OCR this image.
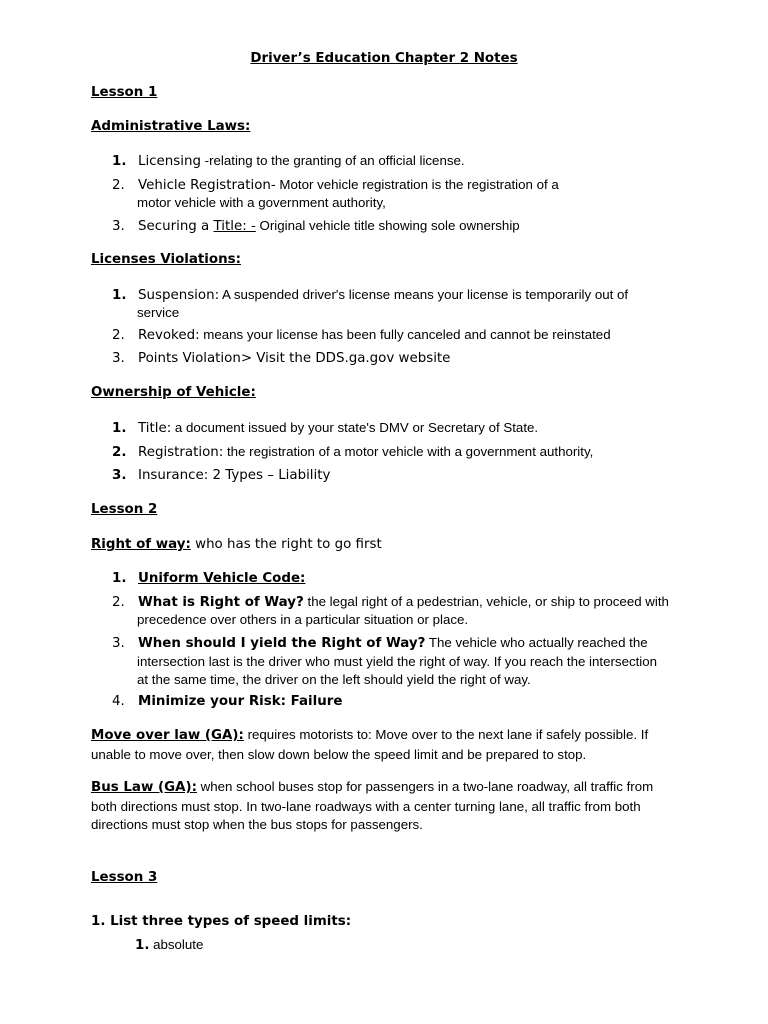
Driver’s Education Chapter 2 Notes
Lesson 1
Administrative Laws:
1. Licensing -relating to the granting of an official license.
2. Vehicle Registration- Motor vehicle registration is the registration of a
motor vehicle with a government authority,
3. Securing a Title: - Original vehicle title showing sole ownership
Licenses Violations:
1. Suspension: A suspended driver's license means your license is temporarily out of
service
2. Revoked: means your license has been fully canceled and cannot be reinstated
3. Points Violation> Visit the DDS.ga.gov website
Ownership of Vehicle:
1. Title: a document issued by your state's DMV or Secretary of State.
2. Registration: the registration of a motor vehicle with a government authority,
3. Insurance: 2 Types – Liability
Lesson 2
Right of way: who has the right to go first
1. Uniform Vehicle Code:
2. What is Right of Way? the legal right of a pedestrian, vehicle, or ship to proceed with
precedence over others in a particular situation or place.
3. When should I yield the Right of Way? The vehicle who actually reached the
intersection last is the driver who must yield the right of way. If you reach the intersection
at the same time, the driver on the left should yield the right of way.
4. Minimize your Risk: Failure
Move over law (GA): requires motorists to: Move over to the next lane if safely possible. If
unable to move over, then slow down below the speed limit and be prepared to stop.
Bus Law (GA): when school buses stop for passengers in a two-lane roadway, all traffic from
both directions must stop. In two-lane roadways with a center turning lane, all traffic from both
directions must stop when the bus stops for passengers.
Lesson 3
1. List three types of speed limits:
1. absolute
